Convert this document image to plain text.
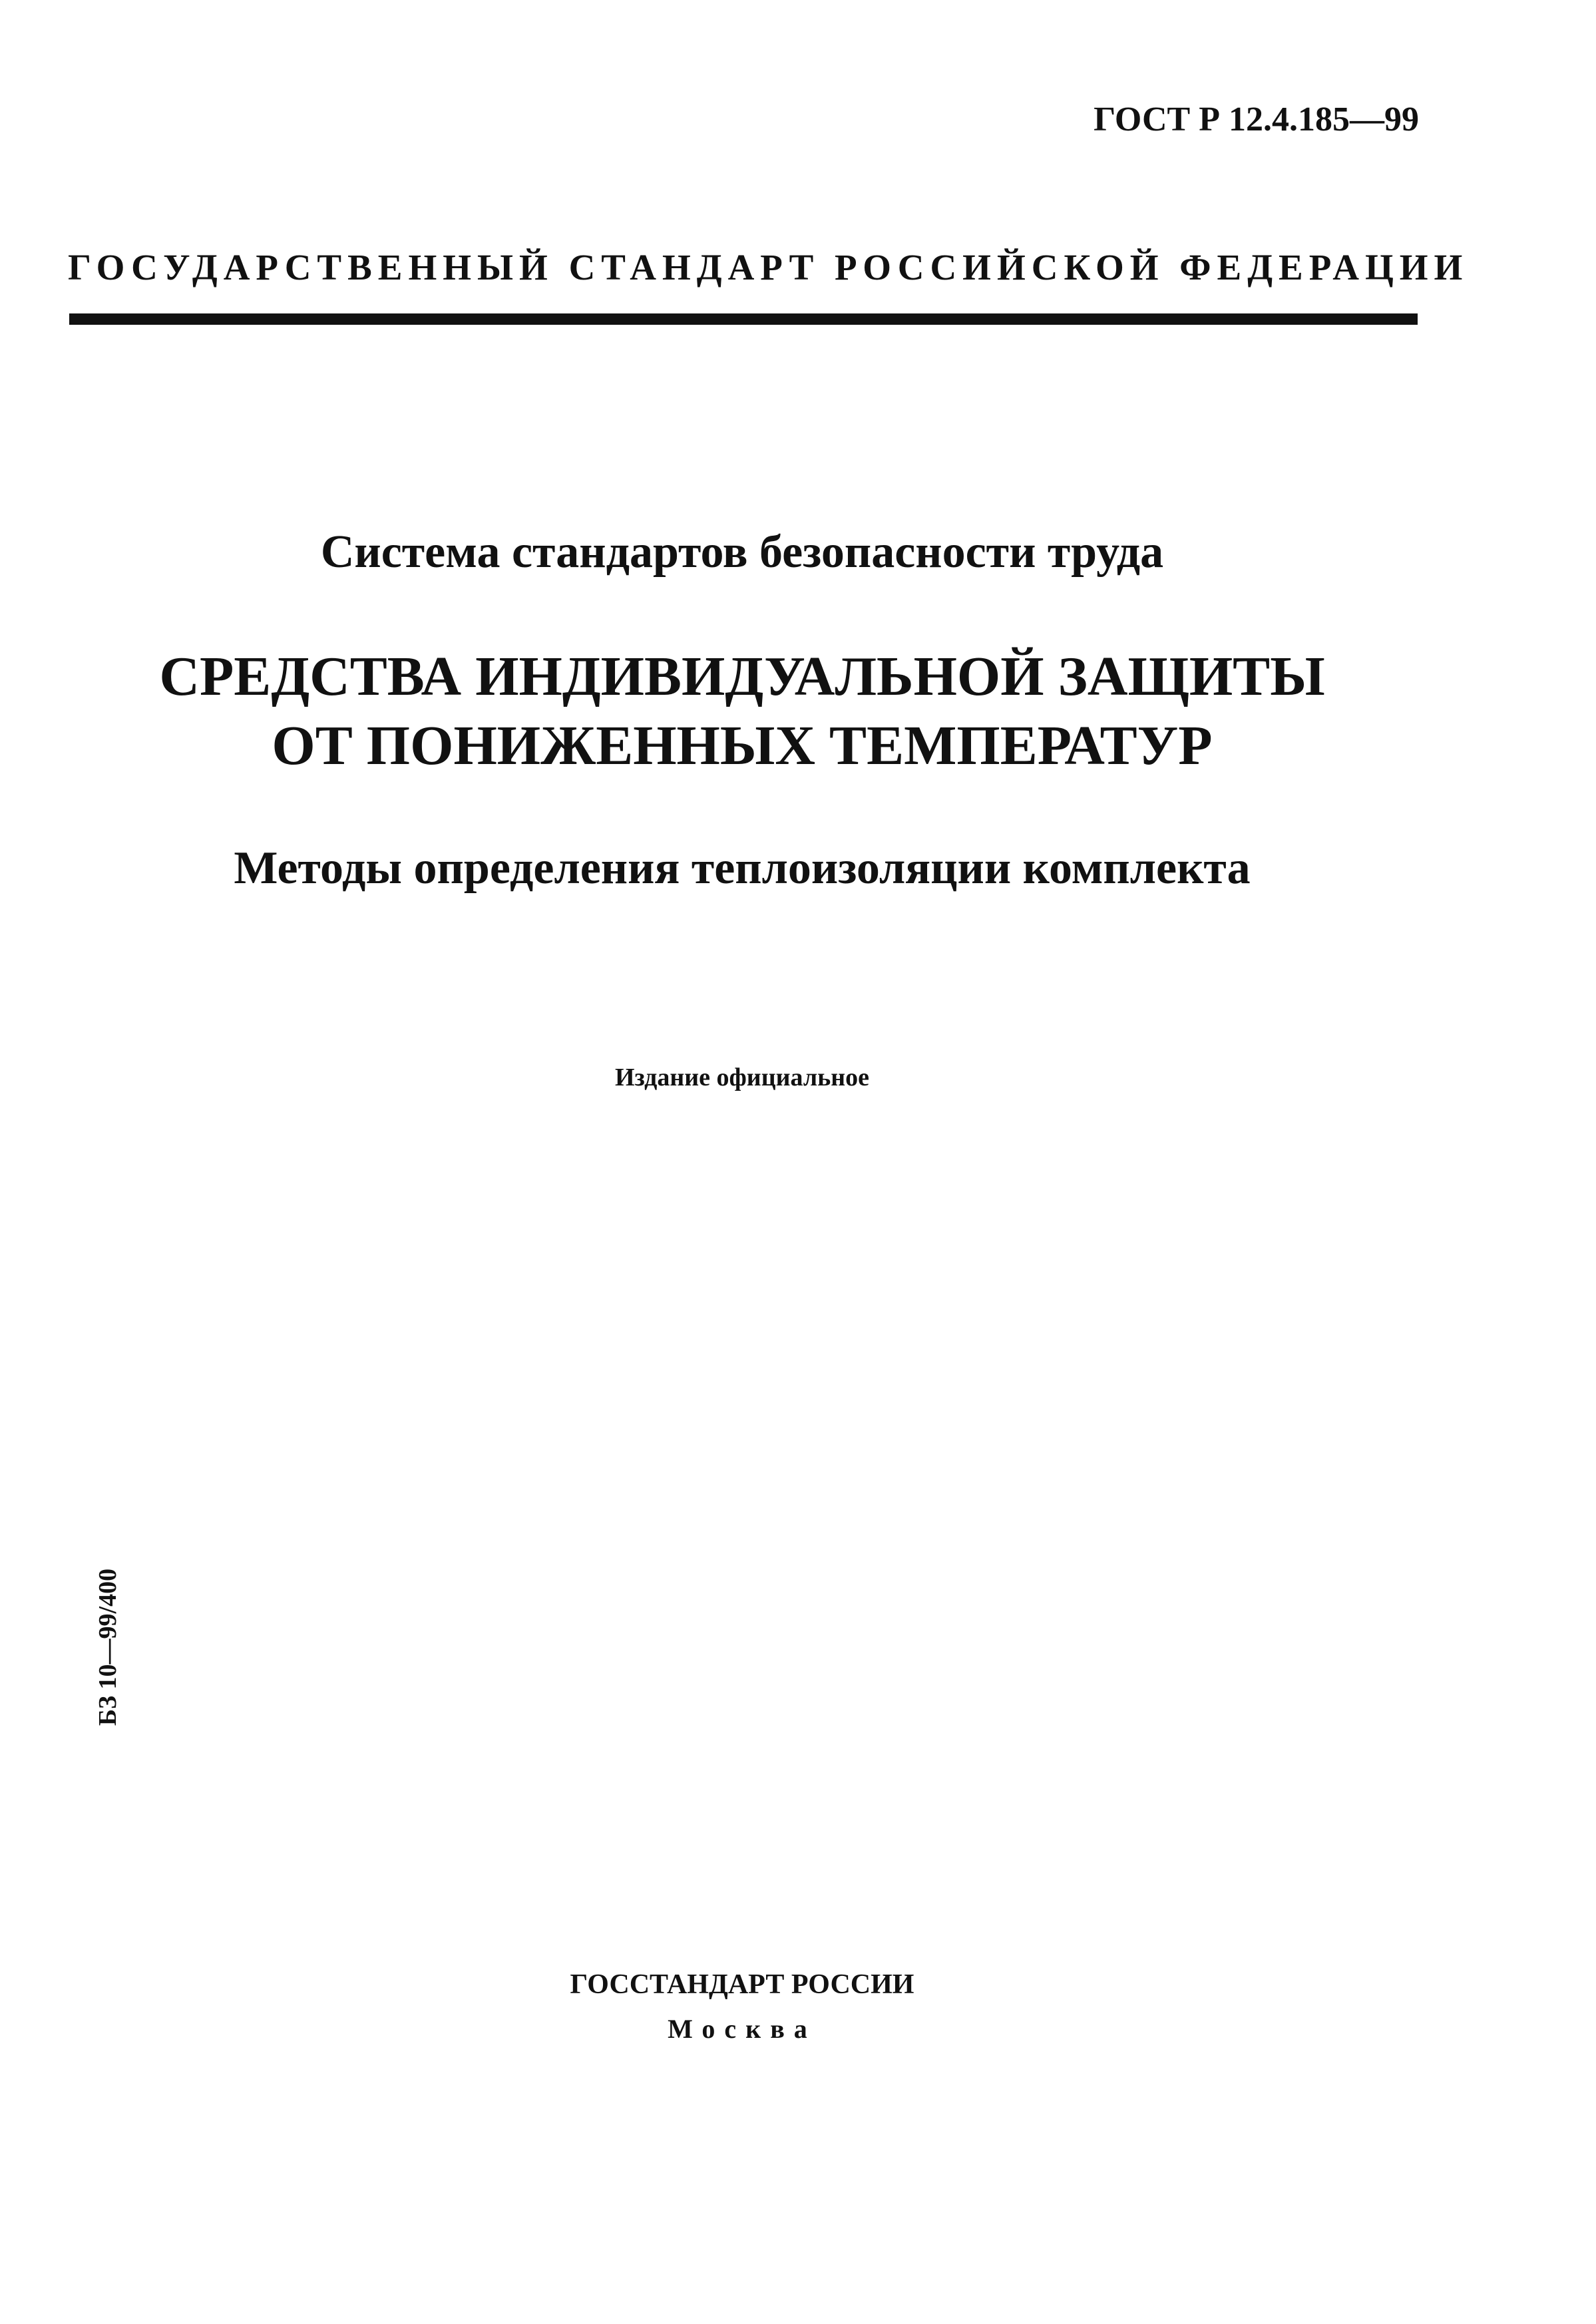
ГОСТ Р 12.4.185—99
ГОСУДАРСТВЕННЫЙ СТАНДАРТ РОССИЙСКОЙ ФЕДЕРАЦИИ
Система стандартов безопасности труда
СРЕДСТВА ИНДИВИДУАЛЬНОЙ ЗАЩИТЫ
ОТ ПОНИЖЕННЫХ ТЕМПЕРАТУР
Методы определения теплоизоляции комплекта
Издание официальное
БЗ 10—99/400
ГОССТАНДАРТ РОССИИ
Москва
